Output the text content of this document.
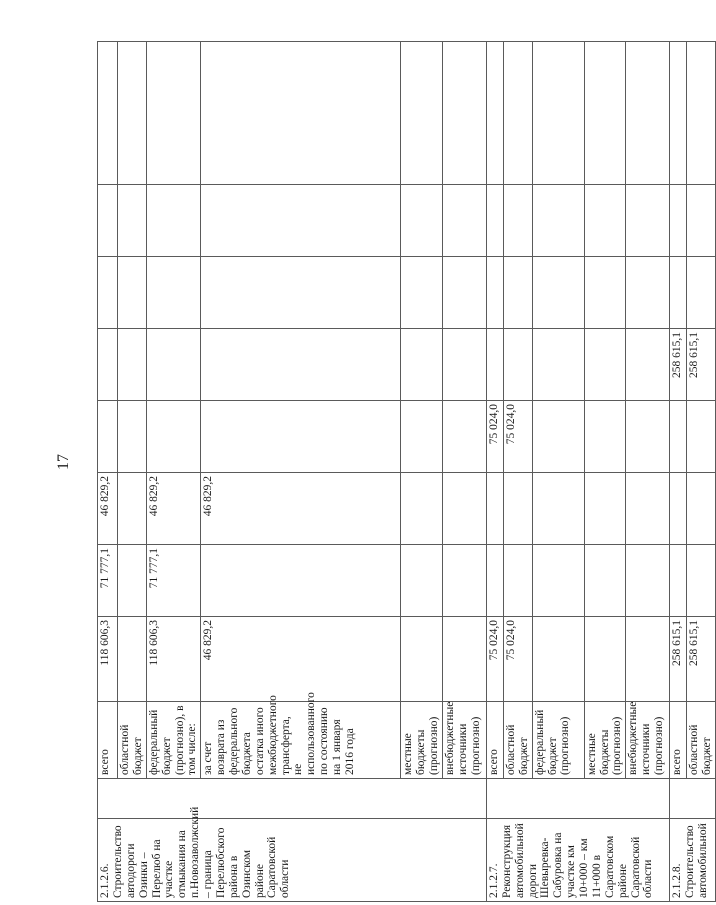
17
2.1.2.6. Строительство автодороги Озинки – Перелюб на участке отмыкания на п.Новозаволжский – граница Перелюбского района в Озинском районе Саратовской области		всего	118 606,3	71 777,1	46 829,2					
		областной бюджет								
		федеральный бюджет (прогнозно), в том числе:	118 606,3	71 777,1	46 829,2					
		за счет возврата из федерального бюджета остатка иного межбюджетного трансферта, не использованного по состоянию на 1 января 2016 года	46 829,2		46 829,2					
		местные бюджеты (прогнозно)								
		внебюджетные источники (прогнозно)								
2.1.2.7. Реконструкция автомобильной дороги Шевыревка-Сабуровка на участке км 10+000 – км 11+000 в Саратовском районе Саратовской области		всего	75 024,0			75 024,0				
		областной бюджет	75 024,0			75 024,0				
		федеральный бюджет (прогнозно)								
		местные бюджеты (прогнозно)								
		внебюджетные источники (прогнозно)								
2.1.2.8. Строительство автомобильной		всего	258 615,1				258 615,1			
		областной бюджет	258 615,1				258 615,1			
